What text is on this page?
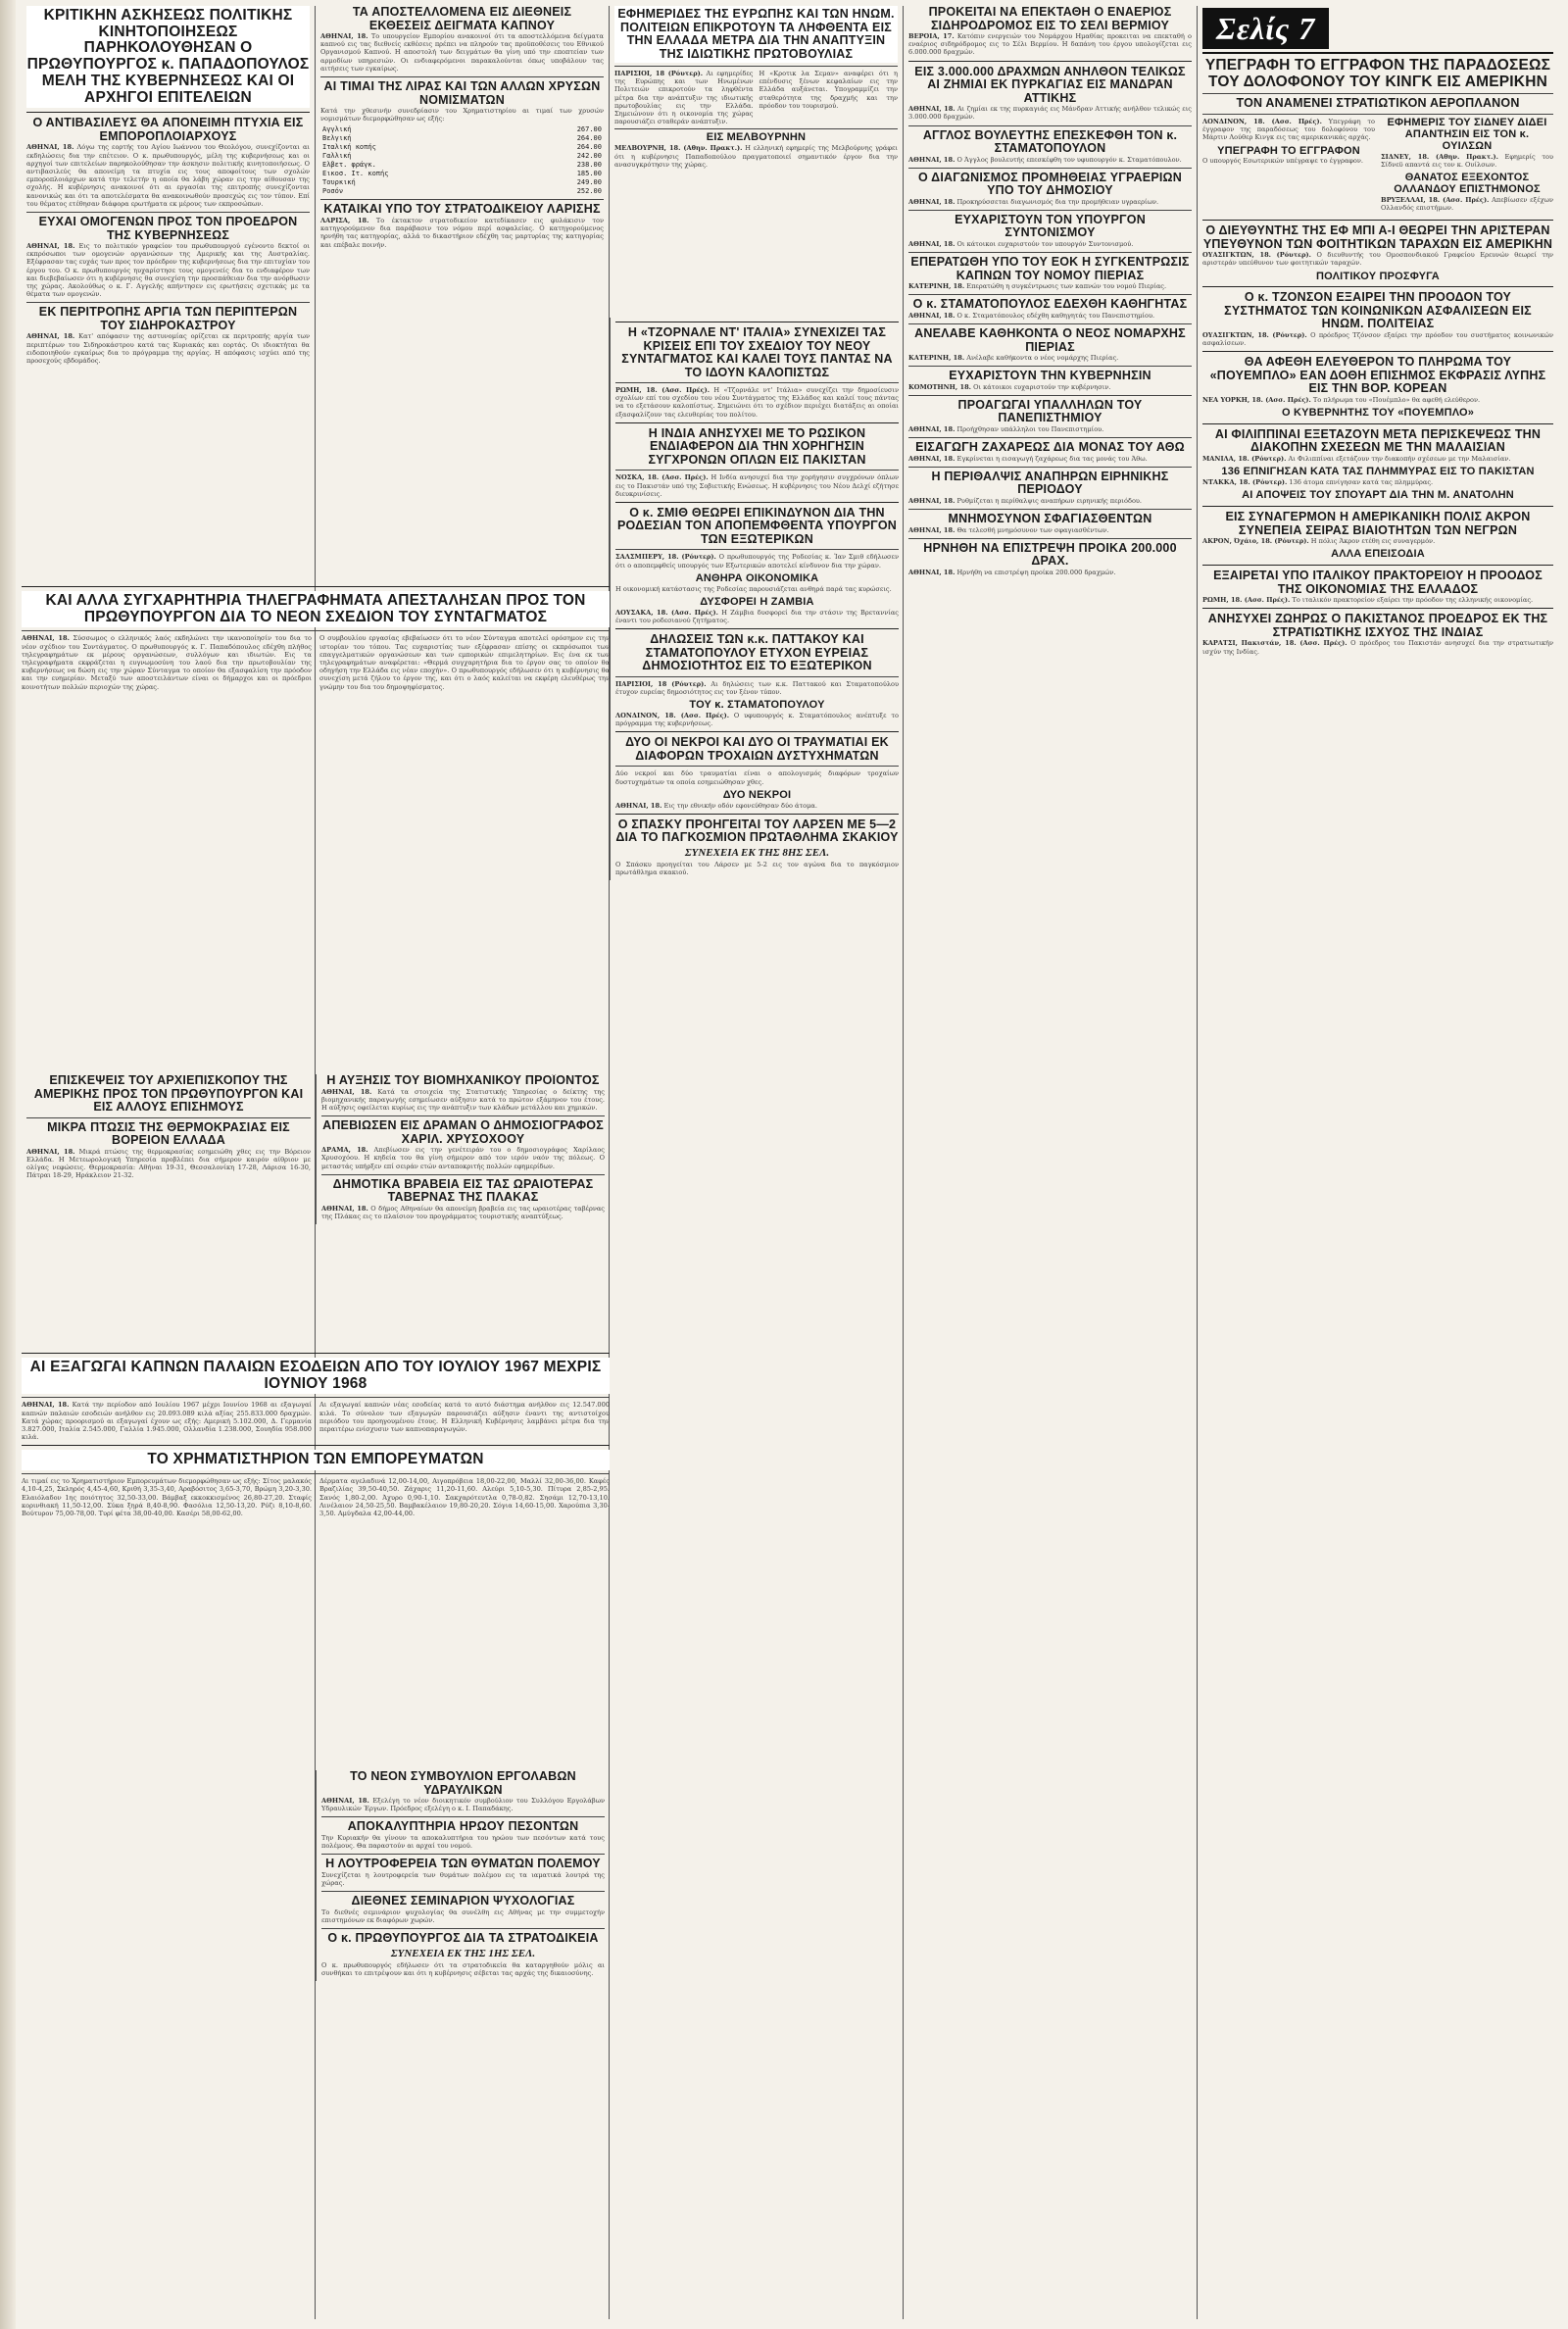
ΚΡΙΤΙΚΗΝ ΑΣΚΗΣΕΩΣ ΠΟΛΙΤΙΚΗΣ ΚΙΝΗΤΟΠΟΙΗΣΕΩΣ ΠΑΡΗΚΟΛΟΥΘΗΣΑΝ Ο ΠΡΩΘΥΠΟΥΡΓΟΣ κ. ΠΑΠΑΔΟΠΟΥΛΟΣ ΜΕΛΗ ΤΗΣ ΚΥΒΕΡΝΗΣΕΩΣ ΚΑΙ ΟΙ ΑΡΧΗΓΟΙ ΕΠΙΤΕΛΕΙΩΝ
Ο ΑΝΤΙΒΑΣΙΛΕΥΣ ΘΑ ΑΠΟΝΕΙΜΗ ΠΤΥΧΙΑ ΕΙΣ ΕΜΠΟΡΟΠΛΟΙΑΡΧΟΥΣ
ΑΘΗΝΑΙ, 18. Λόγω της εορτής του Αγίου Ιωάννου του Θεολόγου, συνεχίζονται αι εκδηλώσεις δια την επέτειον. Ο κ. πρωθυπουργός, μέλη της κυβερνήσεως και οι αρχηγοί των επιτελείων παρηκολούθησαν την άσκησιν πολιτικής κινητοποιήσεως. Ο αντιβασιλεύς θα απονείμη τα πτυχία εις τους αποφοίτους των σχολών εμποροπλοιάρχων κατά την τελετήν η οποία θα λάβη χώραν εις την αίθουσαν της σχολής. Η κυβέρνησις ανακοινοί ότι αι εργασίαι της επιτροπής συνεχίζονται κανονικώς και ότι τα αποτελέσματα θα ανακοινωθούν προσεχώς εις τον τύπον. Επί του θέματος ετέθησαν διάφορα ερωτήματα εκ μέρους των εκπροσώπων.
ΕΥΧΑΙ ΟΜΟΓΕΝΩΝ ΠΡΟΣ ΤΟΝ ΠΡΟΕΔΡΟΝ ΤΗΣ ΚΥΒΕΡΝΗΣΕΩΣ
ΑΘΗΝΑΙ, 18. Εις το πολιτικόν γραφείον του πρωθυπουργού εγένοντο δεκτοί οι εκπρόσωποι των ομογενών οργανώσεων της Αμερικής και της Αυστραλίας. Εξέφρασαν τας ευχάς των προς τον πρόεδρον της κυβερνήσεως δια την επιτυχίαν του έργου του. Ο κ. πρωθυπουργός ηυχαρίστησε τους ομογενείς δια το ενδιαφέρον των και διεβεβαίωσεν ότι η κυβέρνησις θα συνεχίση την προσπάθειαν δια την ανόρθωσιν της χώρας. Ακολούθως ο κ. Γ. Αγγελής απήντησεν εις ερωτήσεις σχετικάς με τα θέματα των ομογενών.
ΕΚ ΠΕΡΙΤΡΟΠΗΣ ΑΡΓΙΑ ΤΩΝ ΠΕΡΙΠΤΕΡΩΝ ΤΟΥ ΣΙΔΗΡΟΚΑΣΤΡΟΥ
ΑΘΗΝΑΙ, 18. Κατ' απόφασιν της αστυνομίας ορίζεται εκ περιτροπής αργία των περιπτέρων του Σιδηροκάστρου κατά τας Κυριακάς και εορτάς. Οι ιδιοκτήται θα ειδοποιηθούν εγκαίρως δια το πρόγραμμα της αργίας. Η απόφασις ισχύει από της προσεχούς εβδομάδος.
ΤΑ ΑΠΟΣΤΕΛΛΟΜΕΝΑ ΕΙΣ ΔΙΕΘΝΕΙΣ ΕΚΘΕΣΕΙΣ ΔΕΙΓΜΑΤΑ ΚΑΠΝΟΥ
ΑΘΗΝΑΙ, 18. Το υπουργείον Εμπορίου ανακοινοί ότι τα αποστελλόμενα δείγματα καπνού εις τας διεθνείς εκθέσεις πρέπει να πληρούν τας προϋποθέσεις του Εθνικού Οργανισμού Καπνού. Η αποστολή των δειγμάτων θα γίνη υπό την εποπτείαν των αρμοδίων υπηρεσιών. Οι ενδιαφερόμενοι παρακαλούνται όπως υποβάλουν τας αιτήσεις των εγκαίρως.
ΑΙ ΤΙΜΑΙ ΤΗΣ ΛΙΡΑΣ ΚΑΙ ΤΩΝ ΑΛΛΩΝ ΧΡΥΣΩΝ ΝΟΜΙΣΜΑΤΩΝ
Κατά την χθεσινήν συνεδρίασιν του Χρηματιστηρίου αι τιμαί των χρυσών νομισμάτων διεμορφώθησαν ως εξής:
Αγγλική	267.00
Βελγική	264.00
Ιταλική κοπής	264.00
Γαλλική	242.00
Ελβετ. φράγκ.	238.00
Εικοσ. Ιτ. κοπής	185.00
Τουρκική	249.00
Ροσόν	252.00
ΚΑΤΑΙΚΑΙ ΥΠΟ ΤΟΥ ΣΤΡΑΤΟΔΙΚΕΙΟΥ ΛΑΡΙΣΗΣ
ΛΑΡΙΣΑ, 18. Το έκτακτον στρατοδικείον κατεδίκασεν εις φυλάκισιν τον κατηγορούμενον δια παράβασιν του νόμου περί ασφαλείας. Ο κατηγορούμενος ηρνήθη τας κατηγορίας, αλλά το δικαστήριον εδέχθη τας μαρτυρίας της κατηγορίας και επέβαλε ποινήν.
ΚΑΙ ΑΛΛΑ ΣΥΓΧΑΡΗΤΗΡΙΑ ΤΗΛΕΓΡΑΦΗΜΑΤΑ ΑΠΕΣΤΑΛΗΣΑΝ ΠΡΟΣ ΤΟΝ ΠΡΩΘΥΠΟΥΡΓΟΝ ΔΙΑ ΤΟ ΝΕΟΝ ΣΧΕΔΙΟΝ ΤΟΥ ΣΥΝΤΑΓΜΑΤΟΣ
ΑΘΗΝΑΙ, 18. Σύσσωμος ο ελληνικός λαός εκδηλώνει την ικανοποίησίν του δια το νέον σχέδιον του Συντάγματος. Ο πρωθυπουργός κ. Γ. Παπαδόπουλος εδέχθη πλήθος τηλεγραφημάτων εκ μέρους οργανώσεων, συλλόγων και ιδιωτών. Εις τα τηλεγραφήματα εκφράζεται η ευγνωμοσύνη του λαού δια την πρωτοβουλίαν της κυβερνήσεως να δώση εις την χώραν Σύνταγμα το οποίον θα εξασφαλίση την πρόοδον και την ευημερίαν. Μεταξύ των αποστειλάντων είναι οι δήμαρχοι και οι πρόεδροι κοινοτήτων πολλών περιοχών της χώρας.
Ο συμβουλίου εργασίας εβεβαίωσεν ότι το νέον Σύνταγμα αποτελεί ορόσημον εις την ιστορίαν του τόπου. Τας ευχαριστίας των εξέφρασαν επίσης οι εκπρόσωποι των επαγγελματικών οργανώσεων και των εμπορικών επιμελητηρίων. Εις ένα εκ των τηλεγραφημάτων αναφέρεται: «Θερμά συγχαρητήρια δια το έργον σας το οποίον θα οδηγήση την Ελλάδα εις νέαν εποχήν». Ο πρωθυπουργός εδήλωσεν ότι η κυβέρνησις θα συνεχίση μετά ζήλου το έργον της, και ότι ο λαός καλείται να εκφέρη ελευθέρως την γνώμην του δια του δημοψηφίσματος.
Η ΑΥΞΗΣΙΣ ΤΟΥ ΒΙΟΜΗΧΑΝΙΚΟΥ ΠΡΟΪΟΝΤΟΣ
ΑΘΗΝΑΙ, 18. Κατά τα στοιχεία της Στατιστικής Υπηρεσίας ο δείκτης της βιομηχανικής παραγωγής εσημείωσεν αύξησιν κατά το πρώτον εξάμηνον του έτους. Η αύξησις οφείλεται κυρίως εις την ανάπτυξιν των κλάδων μετάλλου και χημικών.
ΑΠΕΒΙΩΣΕΝ ΕΙΣ ΔΡΑΜΑΝ Ο ΔΗΜΟΣΙΟΓΡΑΦΟΣ ΧΑΡΙΛ. ΧΡΥΣΟΧΟΟΥ
ΔΡΑΜΑ, 18. Απεβίωσεν εις την γενέτειράν του ο δημοσιογράφος Χαρίλαος Χρυσοχόου. Η κηδεία του θα γίνη σήμερον από τον ιερόν ναόν της πόλεως. Ο μεταστάς υπήρξεν επί σειράν ετών ανταποκριτής πολλών εφημερίδων.
ΔΗΜΟΤΙΚΑ ΒΡΑΒΕΙΑ ΕΙΣ ΤΑΣ ΩΡΑΙΟΤΕΡΑΣ ΤΑΒΕΡΝΑΣ ΤΗΣ ΠΛΑΚΑΣ
ΑΘΗΝΑΙ, 18. Ο δήμος Αθηναίων θα απονείμη βραβεία εις τας ωραιοτέρας ταβέρνας της Πλάκας εις το πλαίσιον του προγράμματος τουριστικής αναπτύξεως.
ΕΠΙΣΚΕΨΕΙΣ ΤΟΥ ΑΡΧΙΕΠΙΣΚΟΠΟΥ ΤΗΣ ΑΜΕΡΙΚΗΣ ΠΡΟΣ ΤΟΝ ΠΡΩΘΥΠΟΥΡΓΟΝ ΚΑΙ ΕΙΣ ΑΛΛΟΥΣ ΕΠΙΣΗΜΟΥΣ
ΜΙΚΡΑ ΠΤΩΣΙΣ ΤΗΣ ΘΕΡΜΟΚΡΑΣΙΑΣ ΕΙΣ ΒΟΡΕΙΟΝ ΕΛΛΑΔΑ
ΑΘΗΝΑΙ, 18. Μικρά πτώσις της θερμοκρασίας εσημειώθη χθες εις την Βόρειον Ελλάδα. Η Μετεωρολογική Υπηρεσία προβλέπει δια σήμερον καιρόν αίθριον με ολίγας νεφώσεις. Θερμοκρασία: Αθήναι 19-31, Θεσσαλονίκη 17-28, Λάρισα 16-30, Πάτραι 18-29, Ηράκλειον 21-32.
ΑΙ ΕΞΑΓΩΓΑΙ ΚΑΠΝΩΝ ΠΑΛΑΙΩΝ ΕΣΟΔΕΙΩΝ ΑΠΟ ΤΟΥ ΙΟΥΛΙΟΥ 1967 ΜΕΧΡΙΣ ΙΟΥΝΙΟΥ 1968
ΑΘΗΝΑΙ, 18. Κατά την περίοδον από Ιουλίου 1967 μέχρι Ιουνίου 1968 αι εξαγωγαί καπνών παλαιών εσοδειών ανήλθον εις 20.093.089 κιλά αξίας 255.833.000 δραχμών. Κατά χώρας προορισμού αι εξαγωγαί έχουν ως εξής: Αμερική 5.102.000, Δ. Γερμανία 3.827.000, Ιταλία 2.545.000, Γαλλία 1.945.000, Ολλανδία 1.238.000, Σουηδία 958.000 κιλά.
Αι εξαγωγαί καπνών νέας εσοδείας κατά το αυτό διάστημα ανήλθον εις 12.547.000 κιλά. Το σύνολον των εξαγωγών παρουσιάζει αύξησιν έναντι της αντιστοίχου περιόδου του προηγουμένου έτους. Η Ελληνική Κυβέρνησις λαμβάνει μέτρα δια την περαιτέρω ενίσχυσιν των καπνοπαραγωγών.
ΤΟ ΧΡΗΜΑΤΙΣΤΗΡΙΟΝ ΤΩΝ ΕΜΠΟΡΕΥΜΑΤΩΝ
Αι τιμαί εις το Χρηματιστήριον Εμπορευμάτων διεμορφώθησαν ως εξής: Σίτος μαλακός 4,10-4,25, Σκληρός 4,45-4,60, Κριθή 3,35-3,40, Αραβόσιτος 3,65-3,70, Βρώμη 3,20-3,30. Ελαιόλαδον 1ης ποιότητος 32,50-33,00. Βάμβαξ εκκοκκισμένος 26,80-27,20. Σταφίς κορινθιακή 11,50-12,00. Σύκα ξηρά 8,40-8,90. Φασόλια 12,50-13,20. Ρύζι 8,10-8,60. Βούτυρον 75,00-78,00. Τυρί φέτα 38,00-40,00. Κασέρι 58,00-62,00.
Δέρματα αγελαδινά 12,00-14,00, Αιγοπρόβεια 18,00-22,00, Μαλλί 32,00-36,00. Καφές Βραζιλίας 39,50-40,50. Ζάχαρις 11,20-11,60. Αλεύρι 5,10-5,30. Πίτυρα 2,85-2,95. Σανός 1,80-2,00. Άχυρο 0,90-1,10. Σακχαρότευτλα 0,78-0,82. Σησάμι 12,70-13,10. Λινέλαιον 24,50-25,50. Βαμβακέλαιον 19,80-20,20. Σόγια 14,60-15,00. Χαρούπια 3,30-3,50. Αμύγδαλα 42,00-44,00.
ΤΟ ΝΕΟΝ ΣΥΜΒΟΥΛΙΟΝ ΕΡΓΟΛΑΒΩΝ ΥΔΡΑΥΛΙΚΩΝ
ΑΘΗΝΑΙ, 18. Εξελέγη το νέον διοικητικόν συμβούλιον του Συλλόγου Εργολάβων Υδραυλικών Έργων. Πρόεδρος εξελέγη ο κ. Ι. Παπαδάκης.
ΑΠΟΚΑΛΥΠΤΗΡΙΑ ΗΡΩΟΥ ΠΕΣΟΝΤΩΝ
Την Κυριακήν θα γίνουν τα αποκαλυπτήρια του ηρώου των πεσόντων κατά τους πολέμους. Θα παραστούν αι αρχαί του νομού.
Η ΛΟΥΤΡΟΦΕΡΕΙΑ ΤΩΝ ΘΥΜΑΤΩΝ ΠΟΛΕΜΟΥ
Συνεχίζεται η λουτροφερεία των θυμάτων πολέμου εις τα ιαματικά λουτρά της χώρας.
ΔΙΕΘΝΕΣ ΣΕΜΙΝΑΡΙΟΝ ΨΥΧΟΛΟΓΙΑΣ
Το διεθνές σεμινάριον ψυχολογίας θα συνέλθη εις Αθήνας με την συμμετοχήν επιστημόνων εκ διαφόρων χωρών.
Ο κ. ΠΡΩΘΥΠΟΥΡΓΟΣ ΔΙΑ ΤΑ ΣΤΡΑΤΟΔΙΚΕΙΑ
ΣΥΝΕΧΕΙΑ ΕΚ ΤΗΣ 1ΗΣ ΣΕΛ.
Ο κ. πρωθυπουργός εδήλωσεν ότι τα στρατοδικεία θα καταργηθούν μόλις αι συνθήκαι το επιτρέψουν και ότι η κυβέρνησις σέβεται τας αρχάς της δικαιοσύνης.
ΕΦΗΜΕΡΙΔΕΣ ΤΗΣ ΕΥΡΩΠΗΣ ΚΑΙ ΤΩΝ ΗΝΩΜ. ΠΟΛΙΤΕΙΩΝ ΕΠΙΚΡΟΤΟΥΝ ΤΑ ΛΗΦΘΕΝΤΑ ΕΙΣ ΤΗΝ ΕΛΛΑΔΑ ΜΕΤΡΑ ΔΙΑ ΤΗΝ ΑΝΑΠΤΥΞΙΝ ΤΗΣ ΙΔΙΩΤΙΚΗΣ ΠΡΩΤΟΒΟΥΛΙΑΣ
ΠΑΡΙΣΙΟΙ, 18 (Ρόυτερ). Αι εφημερίδες της Ευρώπης και των Ηνωμένων Πολιτειών επικροτούν τα ληφθέντα μέτρα δια την ανάπτυξιν της ιδιωτικής πρωτοβουλίας εις την Ελλάδα. Σημειώνουν ότι η οικονομία της χώρας παρουσιάζει σταθεράν ανάπτυξιν.
Η «Κροτικ λα Σεμαν» αναφέρει ότι η επένδυσις ξένων κεφαλαίων εις την Ελλάδα αυξάνεται. Υπογραμμίζει την σταθερότητα της δραχμής και την πρόοδον του τουρισμού.
ΕΙΣ ΜΕΛΒΟΥΡΝΗΝ
ΜΕΛΒΟΥΡΝΗ, 18. (Αθην. Πρακτ.). Η ελληνική εφημερίς της Μελβούρνης γράφει ότι η κυβέρνησις Παπαδοπούλου πραγματοποιεί σημαντικόν έργον δια την ανασυγκρότησιν της χώρας.
Η «ΤΖΟΡΝΑΛΕ ΝΤ' ΙΤΑΛΙΑ» ΣΥΝΕΧΙΖΕΙ ΤΑΣ ΚΡΙΣΕΙΣ ΕΠΙ ΤΟΥ ΣΧΕΔΙΟΥ ΤΟΥ ΝΕΟΥ ΣΥΝΤΑΓΜΑΤΟΣ ΚΑΙ ΚΑΛΕΙ ΤΟΥΣ ΠΑΝΤΑΣ ΝΑ ΤΟ ΙΔΟΥΝ ΚΑΛΟΠΙΣΤΩΣ
ΡΩΜΗ, 18. (Ασσ. Πρές). Η «Τζορνάλε ντ' Ιτάλια» συνεχίζει την δημοσίευσιν σχολίων επί του σχεδίου του νέου Συντάγματος της Ελλάδος και καλεί τους πάντας να το εξετάσουν καλοπίστως. Σημειώνει ότι το σχέδιον περιέχει διατάξεις αι οποίαι εξασφαλίζουν τας ελευθερίας του πολίτου.
Η ΙΝΔΙΑ ΑΝΗΣΥΧΕΙ ΜΕ ΤΟ ΡΩΣΙΚΟΝ ΕΝΔΙΑΦΕΡΟΝ ΔΙΑ ΤΗΝ ΧΟΡΗΓΗΣΙΝ ΣΥΓΧΡΟΝΩΝ ΟΠΛΩΝ ΕΙΣ ΠΑΚΙΣΤΑΝ
ΝΟΣΚΑ, 18. (Ασσ. Πρές). Η Ινδία ανησυχεί δια την χορήγησιν συγχρόνων όπλων εις το Πακιστάν υπό της Σοβιετικής Ενώσεως. Η κυβέρνησις του Νέου Δελχί εζήτησε διευκρινίσεις.
Ο κ. ΣΜΙΘ ΘΕΩΡΕΙ ΕΠΙΚΙΝΔΥΝΟΝ ΔΙΑ ΤΗΝ ΡΟΔΕΣΙΑΝ ΤΟΝ ΑΠΟΠΕΜΦΘΕΝΤΑ ΥΠΟΥΡΓΟΝ ΤΩΝ ΕΞΩΤΕΡΙΚΩΝ
ΣΑΛΣΜΠΕΡΥ, 18. (Ρόυτερ). Ο πρωθυπουργός της Ροδεσίας κ. Ίαν Σμιθ εδήλωσεν ότι ο αποπεμφθείς υπουργός των Εξωτερικών αποτελεί κίνδυνον δια την χώραν.
ΑΝΘΗΡΑ ΟΙΚΟΝΟΜΙΚΑ
Η οικονομική κατάστασις της Ροδεσίας παρουσιάζεται ανθηρά παρά τας κυρώσεις.
ΔΥΣΦΟΡΕΙ Η ΖΑΜΒΙΑ
ΛΟΥΣΑΚΑ, 18. (Ασσ. Πρές). Η Ζάμβια δυσφορεί δια την στάσιν της Βρεταννίας έναντι του ροδεσιανού ζητήματος.
ΔΗΛΩΣΕΙΣ ΤΩΝ κ.κ. ΠΑΤΤΑΚΟΥ ΚΑΙ ΣΤΑΜΑΤΟΠΟΥΛΟΥ ΕΤΥΧΟΝ ΕΥΡΕΙΑΣ ΔΗΜΟΣΙΟΤΗΤΟΣ ΕΙΣ ΤΟ ΕΞΩΤΕΡΙΚΟΝ
ΠΑΡΙΣΙΟΙ, 18 (Ρόυτερ). Αι δηλώσεις των κ.κ. Παττακού και Σταματοπούλου έτυχον ευρείας δημοσιότητος εις τον ξένον τύπον.
ΤΟΥ κ. ΣΤΑΜΑΤΟΠΟΥΛΟΥ
ΛΟΝΔΙΝΟΝ, 18. (Ασσ. Πρές). Ο υφυπουργός κ. Σταματόπουλος ανέπτυξε το πρόγραμμα της κυβερνήσεως.
ΔΥΟ ΟΙ ΝΕΚΡΟΙ ΚΑΙ ΔΥΟ ΟΙ ΤΡΑΥΜΑΤΙΑΙ ΕΚ ΔΙΑΦΟΡΩΝ ΤΡΟΧΑΙΩΝ ΔΥΣΤΥΧΗΜΑΤΩΝ
Δύο νεκροί και δύο τραυματίαι είναι ο απολογισμός διαφόρων τροχαίων δυστυχημάτων τα οποία εσημειώθησαν χθες.
ΔΥΟ ΝΕΚΡΟΙ
ΑΘΗΝΑΙ, 18. Εις την εθνικήν οδόν εφονεύθησαν δύο άτομα.
Ο ΣΠΑΣΚΥ ΠΡΟΗΓΕΙΤΑΙ ΤΟΥ ΛΑΡΣΕΝ ΜΕ 5—2 ΔΙΑ ΤΟ ΠΑΓΚΟΣΜΙΟΝ ΠΡΩΤΑΘΛΗΜΑ ΣΚΑΚΙΟΥ
ΣΥΝΕΧΕΙΑ ΕΚ ΤΗΣ 8ΗΣ ΣΕΛ.
Ο Σπάσκυ προηγείται του Λάρσεν με 5-2 εις τον αγώνα δια το παγκόσμιον πρωτάθλημα σκακιού.
ΠΡΟΚΕΙΤΑΙ ΝΑ ΕΠΕΚΤΑΘΗ Ο ΕΝΑΕΡΙΟΣ ΣΙΔΗΡΟΔΡΟΜΟΣ ΕΙΣ ΤΟ ΣΕΛΙ ΒΕΡΜΙΟΥ
ΒΕΡΟΙΑ, 17. Κατόπιν ενεργειών του Νομάρχου Ημαθίας προκειται να επεκταθή ο εναέριος σιδηρόδρομος εις το Σέλι Βερμίου. Η δαπάνη του έργου υπολογίζεται εις 6.000.000 δραχμών.
ΕΙΣ 3.000.000 ΔΡΑΧΜΩΝ ΑΝΗΛΘΟΝ ΤΕΛΙΚΩΣ ΑΙ ΖΗΜΙΑΙ ΕΚ ΠΥΡΚΑΓΙΑΣ ΕΙΣ ΜΑΝΔΡΑΝ ΑΤΤΙΚΗΣ
ΑΘΗΝΑΙ, 18. Αι ζημίαι εκ της πυρκαγιάς εις Μάνδραν Αττικής ανήλθον τελικώς εις 3.000.000 δραχμών.
ΑΓΓΛΟΣ ΒΟΥΛΕΥΤΗΣ ΕΠΕΣΚΕΦΘΗ ΤΟΝ κ. ΣΤΑΜΑΤΟΠΟΥΛΟΝ
ΑΘΗΝΑΙ, 18. Ο Άγγλος βουλευτής επεσκέφθη τον υφυπουργόν κ. Σταματόπουλον.
Ο ΔΙΑΓΩΝΙΣΜΟΣ ΠΡΟΜΗΘΕΙΑΣ ΥΓΡΑΕΡΙΩΝ ΥΠΟ ΤΟΥ ΔΗΜΟΣΙΟΥ
ΑΘΗΝΑΙ, 18. Προκηρύσσεται διαγωνισμός δια την προμήθειαν υγραερίων.
ΕΥΧΑΡΙΣΤΟΥΝ ΤΟΝ ΥΠΟΥΡΓΟΝ ΣΥΝΤΟΝΙΣΜΟΥ
ΑΘΗΝΑΙ, 18. Οι κάτοικοι ευχαριστούν τον υπουργόν Συντονισμού.
ΕΠΕΡΑΤΩΘΗ ΥΠΟ ΤΟΥ ΕΟΚ Η ΣΥΓΚΕΝΤΡΩΣΙΣ ΚΑΠΝΩΝ ΤΟΥ ΝΟΜΟΥ ΠΙΕΡΙΑΣ
ΚΑΤΕΡΙΝΗ, 18. Επερατώθη η συγκέντρωσις των καπνών του νομού Πιερίας.
Ο κ. ΣΤΑΜΑΤΟΠΟΥΛΟΣ ΕΔΕΧΘΗ ΚΑΘΗΓΗΤΑΣ
ΑΘΗΝΑΙ, 18. Ο κ. Σταματόπουλος εδέχθη καθηγητάς του Πανεπιστημίου.
ΑΝΕΛΑΒΕ ΚΑΘΗΚΟΝΤΑ Ο ΝΕΟΣ ΝΟΜΑΡΧΗΣ ΠΙΕΡΙΑΣ
ΚΑΤΕΡΙΝΗ, 18. Ανέλαβε καθήκοντα ο νέος νομάρχης Πιερίας.
ΕΥΧΑΡΙΣΤΟΥΝ ΤΗΝ ΚΥΒΕΡΝΗΣΙΝ
ΚΟΜΟΤΗΝΗ, 18. Οι κάτοικοι ευχαριστούν την κυβέρνησιν.
ΠΡΟΑΓΩΓΑΙ ΥΠΑΛΛΗΛΩΝ ΤΟΥ ΠΑΝΕΠΙΣΤΗΜΙΟΥ
ΑΘΗΝΑΙ, 18. Προήχθησαν υπάλληλοι του Πανεπιστημίου.
ΕΙΣΑΓΩΓΗ ΖΑΧΑΡΕΩΣ ΔΙΑ ΜΟΝΑΣ ΤΟΥ ΑΘΩ
ΑΘΗΝΑΙ, 18. Εγκρίνεται η εισαγωγή ζαχάρεως δια τας μονάς του Άθω.
Η ΠΕΡΙΘΑΛΨΙΣ ΑΝΑΠΗΡΩΝ ΕΙΡΗΝΙΚΗΣ ΠΕΡΙΟΔΟΥ
ΑΘΗΝΑΙ, 18. Ρυθμίζεται η περίθαλψις αναπήρων ειρηνικής περιόδου.
ΜΝΗΜΟΣΥΝΟΝ ΣΦΑΓΙΑΣΘΕΝΤΩΝ
ΑΘΗΝΑΙ, 18. Θα τελεσθή μνημόσυνον των σφαγιασθέντων.
ΗΡΝΗΘΗ ΝΑ ΕΠΙΣΤΡΕΨΗ ΠΡΟΙΚΑ 200.000 ΔΡΑΧ.
ΑΘΗΝΑΙ, 18. Ηρνήθη να επιστρέψη προίκα 200.000 δραχμών.
Σελίς 7
ΥΠΕΓΡΑΦΗ ΤΟ ΕΓΓΡΑΦΟΝ ΤΗΣ ΠΑΡΑΔΟΣΕΩΣ ΤΟΥ ΔΟΛΟΦΟΝΟΥ ΤΟΥ ΚΙΝΓΚ ΕΙΣ ΑΜΕΡΙΚΗΝ
ΤΟΝ ΑΝΑΜΕΝΕΙ ΣΤΡΑΤΙΩΤΙΚΟΝ ΑΕΡΟΠΛΑΝΟΝ
ΛΟΝΔΙΝΟΝ, 18. (Ασσ. Πρές). Υπεγράφη το έγγραφον της παραδόσεως του δολοφόνου του Μάρτιν Λούθερ Κινγκ εις τας αμερικανικάς αρχάς.
ΥΠΕΓΡΑΦΗ ΤΟ ΕΓΓΡΑΦΟΝ
Ο υπουργός Εσωτερικών υπέγραψε το έγγραφον.
ΕΦΗΜΕΡΙΣ ΤΟΥ ΣΙΔΝΕΥ ΔΙΔΕΙ ΑΠΑΝΤΗΣΙΝ ΕΙΣ ΤΟΝ κ. ΟΥΙΛΣΩΝ
ΣΙΔΝΕΥ, 18. (Αθην. Πρακτ.). Εφημερίς του Σίδνεϋ απαντά εις τον κ. Ουίλσων.
ΘΑΝΑΤΟΣ ΕΞΕΧΟΝΤΟΣ ΟΛΛΑΝΔΟΥ ΕΠΙΣΤΗΜΟΝΟΣ
ΒΡΥΞΕΛΛΑΙ, 18. (Ασσ. Πρές). Απεβίωσεν εξέχων Ολλανδός επιστήμων.
Ο ΔΙΕΥΘΥΝΤΗΣ ΤΗΣ ΕΦ ΜΠΙ Α-Ι ΘΕΩΡΕΙ ΤΗΝ ΑΡΙΣΤΕΡΑΝ ΥΠΕΥΘΥΝΟΝ ΤΩΝ ΦΟΙΤΗΤΙΚΩΝ ΤΑΡΑΧΩΝ ΕΙΣ ΑΜΕΡΙΚΗΝ
ΟΥΑΣΙΓΚΤΩΝ, 18. (Ρόυτερ). Ο διευθυντής του Ομοσπονδιακού Γραφείου Ερευνών θεωρεί την αριστεράν υπεύθυνον των φοιτητικών ταραχών.
ΠΟΛΙΤΙΚΟΥ ΠΡΟΣΦΥΓΑ
Ο κ. ΤΖΟΝΣΟΝ ΕΞΑΙΡΕΙ ΤΗΝ ΠΡΟΟΔΟΝ ΤΟΥ ΣΥΣΤΗΜΑΤΟΣ ΤΩΝ ΚΟΙΝΩΝΙΚΩΝ ΑΣΦΑΛΙΣΕΩΝ ΕΙΣ ΗΝΩΜ. ΠΟΛΙΤΕΙΑΣ
ΟΥΑΣΙΓΚΤΩΝ, 18. (Ρόυτερ). Ο πρόεδρος Τζόνσον εξαίρει την πρόοδον του συστήματος κοινωνικών ασφαλίσεων.
ΘΑ ΑΦΕΘΗ ΕΛΕΥΘΕΡΟΝ ΤΟ ΠΛΗΡΩΜΑ ΤΟΥ «ΠΟΥΕΜΠΛΟ» ΕΑΝ ΔΟΘΗ ΕΠΙΣΗΜΟΣ ΕΚΦΡΑΣΙΣ ΛΥΠΗΣ ΕΙΣ ΤΗΝ ΒΟΡ. ΚΟΡΕΑΝ
ΝΕΑ ΥΟΡΚΗ, 18. (Ασσ. Πρές). Το πλήρωμα του «Πουέμπλο» θα αφεθή ελεύθερον.
Ο ΚΥΒΕΡΝΗΤΗΣ ΤΟΥ «ΠΟΥΕΜΠΛΟ»
ΑΙ ΦΙΛΙΠΠΙΝΑΙ ΕΞΕΤΑΖΟΥΝ ΜΕΤΑ ΠΕΡΙΣΚΕΨΕΩΣ ΤΗΝ ΔΙΑΚΟΠΗΝ ΣΧΕΣΕΩΝ ΜΕ ΤΗΝ ΜΑΛΑΙΣΙΑΝ
ΜΑΝΙΛΑ, 18. (Ρόυτερ). Αι Φιλιππίναι εξετάζουν την διακοπήν σχέσεων με την Μαλαισίαν.
136 ΕΠΝΙΓΗΣΑΝ ΚΑΤΑ ΤΑΣ ΠΛΗΜΜΥΡΑΣ ΕΙΣ ΤΟ ΠΑΚΙΣΤΑΝ
ΝΤΑΚΚΑ, 18. (Ρόυτερ). 136 άτομα επνίγησαν κατά τας πλημμύρας.
ΑΙ ΑΠΟΨΕΙΣ ΤΟΥ ΣΠΟΥΑΡΤ ΔΙΑ ΤΗΝ Μ. ΑΝΑΤΟΛΗΝ
ΕΙΣ ΣΥΝΑΓΕΡΜΟΝ Η ΑΜΕΡΙΚΑΝΙΚΗ ΠΟΛΙΣ ΑΚΡΟΝ ΣΥΝΕΠΕΙΑ ΣΕΙΡΑΣ ΒΙΑΙΟΤΗΤΩΝ ΤΩΝ ΝΕΓΡΩΝ
ΑΚΡΟΝ, Όχάιο, 18. (Ρόυτερ). Η πόλις Άκρον ετέθη εις συναγερμόν.
ΑΛΛΑ ΕΠΕΙΣΟΔΙΑ
ΕΞΑΙΡΕΤΑΙ ΥΠΟ ΙΤΑΛΙΚΟΥ ΠΡΑΚΤΟΡΕΙΟΥ Η ΠΡΟΟΔΟΣ ΤΗΣ ΟΙΚΟΝΟΜΙΑΣ ΤΗΣ ΕΛΛΑΔΟΣ
ΡΩΜΗ, 18. (Ασσ. Πρές). Το ιταλικόν πρακτορείον εξαίρει την πρόοδον της ελληνικής οικονομίας.
ΑΝΗΣΥΧΕΙ ΖΩΗΡΩΣ Ο ΠΑΚΙΣΤΑΝΟΣ ΠΡΟΕΔΡΟΣ ΕΚ ΤΗΣ ΣΤΡΑΤΙΩΤΙΚΗΣ ΙΣΧΥΟΣ ΤΗΣ ΙΝΔΙΑΣ
ΚΑΡΑΤΣΙ, Πακιστάν, 18. (Ασσ. Πρές). Ο πρόεδρος του Πακιστάν ανησυχεί δια την στρατιωτικήν ισχύν της Ινδίας.
